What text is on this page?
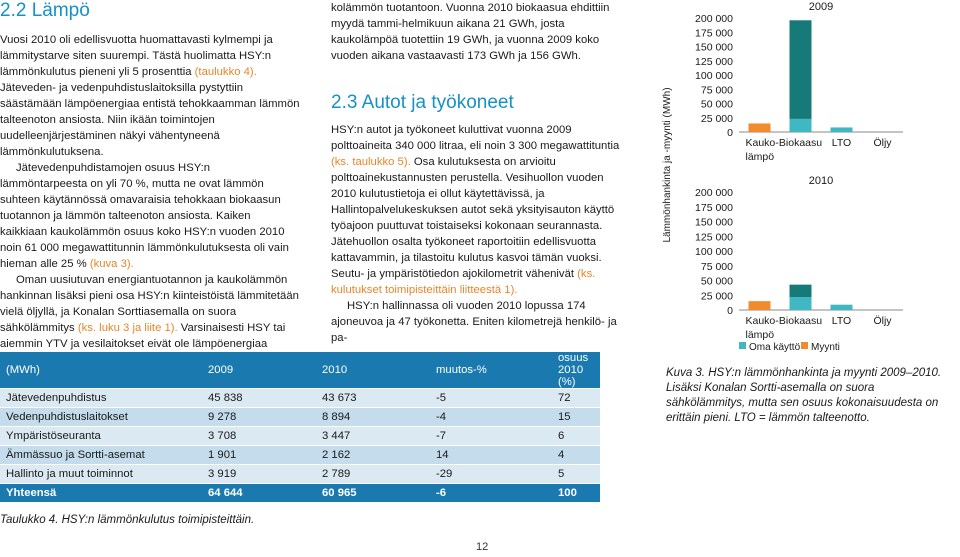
2.2 Lämpö

Vuosi 2010 oli edellisvuotta huomattavasti kylmempi ja lämmitystarve siten suurempi. Tästä huolimatta HSY:n lämmönkulutus pieneni yli 5 prosenttia (taulukko 4). Jäteveden- ja vedenpuhdistuslaitoksilla pystyttiin säästämään lämpöenergiaa entistä tehokkaamman lämmön talteenoton ansiosta. Niin ikään toimintojen uudelleenjärjestäminen näkyi vähentyneenä lämmönkulutuksena.

Jätevedenpuhdistamojen osuus HSY:n lämmöntarpeesta on yli 70 %, mutta ne ovat lämmön suhteen käytännössä omavaraisia tehokkaan biokaasun tuotannon ja lämmön talteenoton ansiosta. Kaiken kaikkiaan kaukolämmön osuus koko HSY:n vuoden 2010 noin 61 000 megawattitunnin lämmönkulutuksesta oli vain hieman alle 25 % (kuva 3).

Oman uusiutuvan energiantuotannon ja kaukolämmön hankinnan lisäksi pieni osa HSY:n kiinteistöistä lämmitetään vielä öljyllä, ja Konalan Sorttiasemalla on suora sähkölämmitys (ks. luku 3 ja liite 1). Varsinaisesti HSY tai aiemmin YTV ja vesilaitokset eivät ole lämpöenergiaa

kolämmön tuotantoon. Vuonna 2010 biokaasua ehdittiin myydä tammi-helmikuun aikana 21 GWh, josta kaukolämpöä tuotettiin 19 GWh, ja vuonna 2009 koko vuoden aikana vastaavasti 173 GWh ja 156 GWh.

2.3 Autot ja työkoneet

HSY:n autot ja työkoneet kuluttivat vuonna 2009 polttoaineita 340 000 litraa, eli noin 3 300 megawattituntia (ks. taulukko 5). Osa kulutuksesta on arvioitu polttoainekustannusten perustella. Vesihuollon vuoden 2010 kulutustietoja ei ollut käytettävissä, ja Hallintopalvelukeskuksen autot sekä yksityisauton käyttö työajoon puuttuvat toistaiseksi kokonaan seurannasta. Jätehuollon osalta työkoneet raportoitiin edellisvuotta kattavammin, ja tilastoitu kulutus kasvoi tämän vuoksi. Seutu- ja ympäristötiedon ajokilometrit vähenivät (ks. kulutukset toimipisteittäin liitteestä 1).

HSY:n hallinnassa oli vuoden 2010 lopussa 174 ajoneuvoa ja 47 työkonetta. Eniten kilometrejä henkilö- ja pa-

(MWh)	2009	2010	muutos-%	osuus 2010 (%)
Jätevedenpuhdistus	45 838	43 673	-5	72
Vedenpuhdistuslaitokset	9 278	8 894	-4	15
Ympäristöseuranta	3 708	3 447	-7	6
Ämmässuo ja Sortti-asemat	1 901	2 162	14	4
Hallinto ja muut toiminnot	3 919	2 789	-29	5
Yhteensä	64 644	60 965	-6	100
Taulukko 4. HSY:n lämmönkulutus toimipisteittäin.
Lämmönhankinta ja -myynti (MWh)
2009
200 000
175 000
150 000
125 000
100 000
75 000
50 000
25 000
0
Kauko-
lämpö
Biokaasu LTO Öljy
2010
200 000
175 000
150 000
125 000
100 000
75 000
50 000
25 000
0
Kauko-
lämpö
Biokaasu LTO Öljy
Oma käyttö Myynti
Kuva 3. HSY:n lämmönhankinta ja myynti 2009–2010. Lisäksi Konalan Sortti-asemalla on suora sähkölämmitys, mutta sen osuus kokonaisuudesta on erittäin pieni. LTO = lämmön talteenotto.
12
